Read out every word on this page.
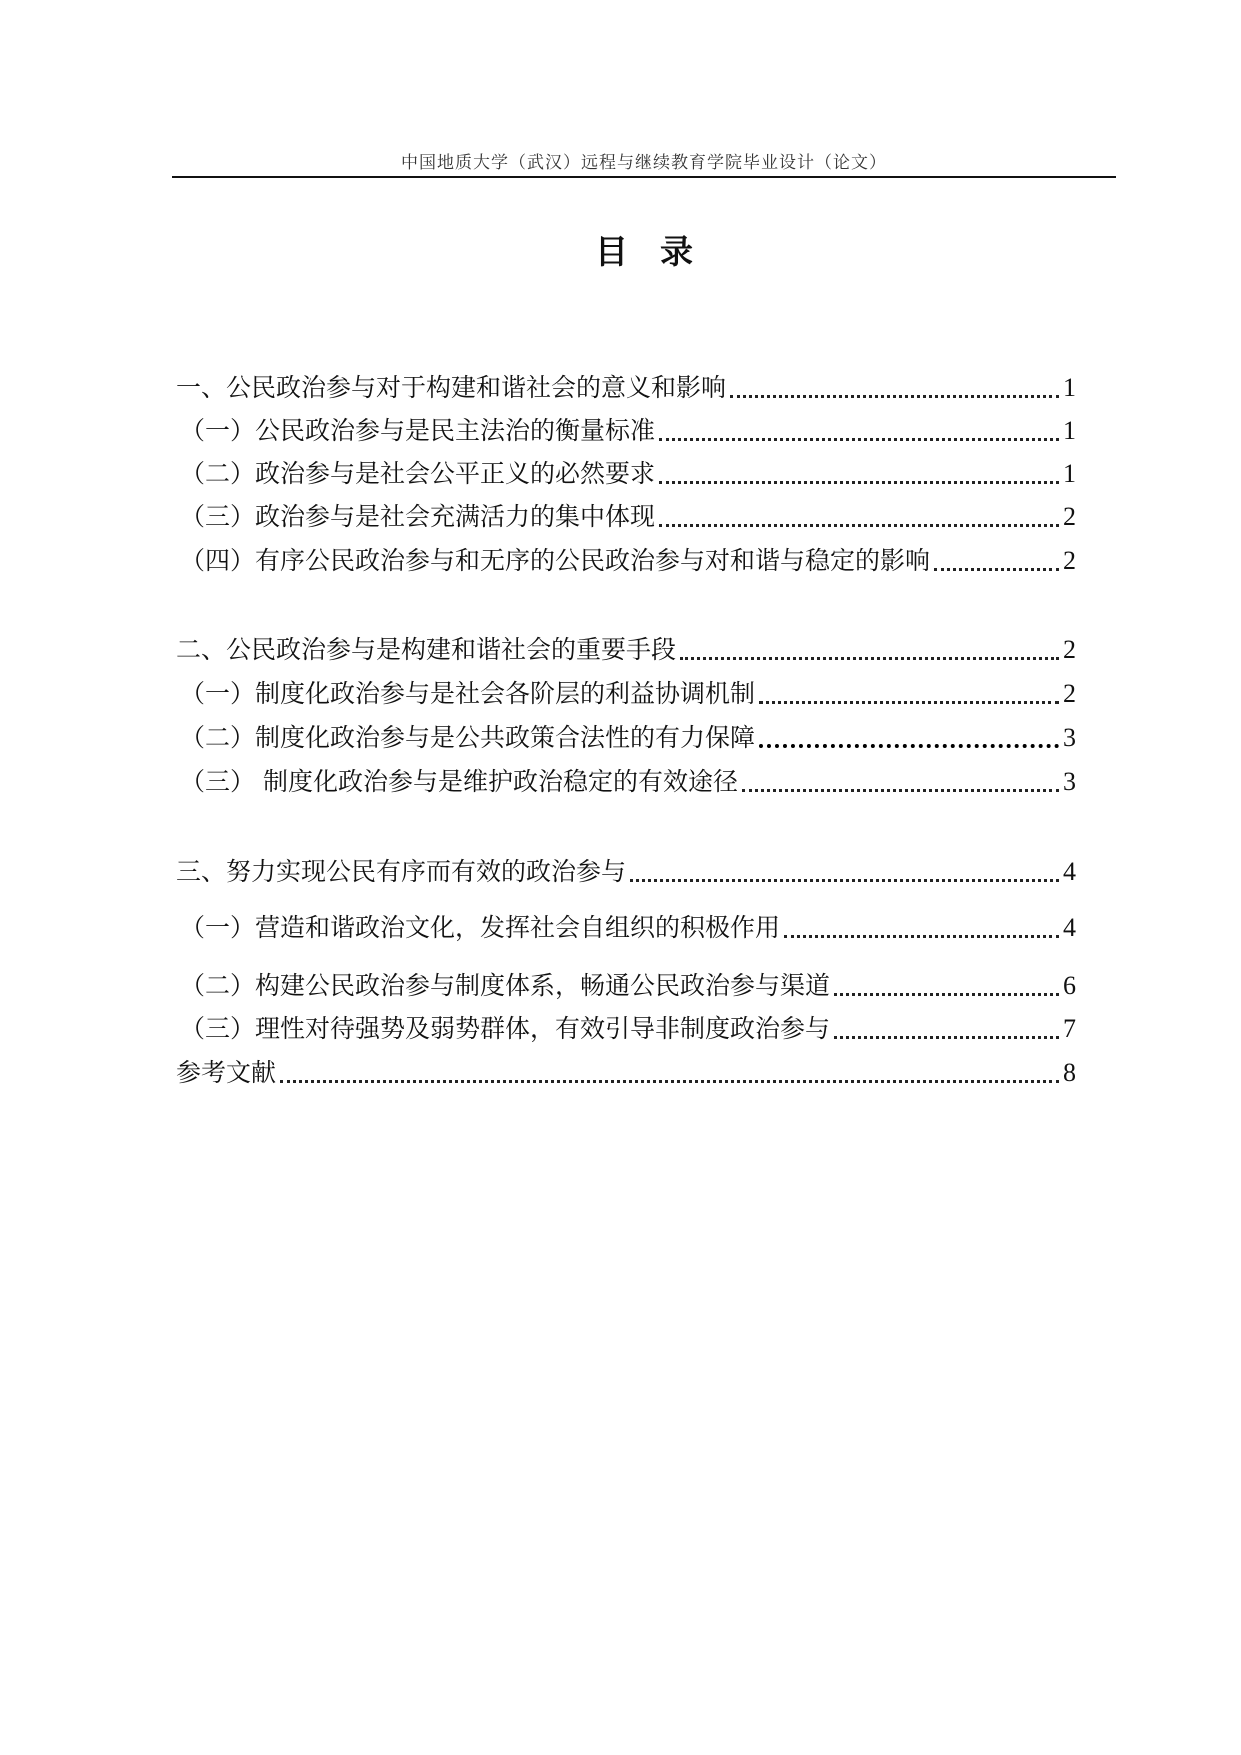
中国地质大学（武汉）远程与继续教育学院毕业设计（论文）
目录
一、公民政治参与对于构建和谐社会的意义和影响	1
（一）公民政治参与是民主法治的衡量标准	1
（二）政治参与是社会公平正义的必然要求	1
（三）政治参与是社会充满活力的集中体现	2
（四）有序公民政治参与和无序的公民政治参与对和谐与稳定的影响	2
二、公民政治参与是构建和谐社会的重要手段	2
（一）制度化政治参与是社会各阶层的利益协调机制	2
（二）制度化政治参与是公共政策合法性的有力保障	3
（三） 制度化政治参与是维护政治稳定的有效途径	3
三、努力实现公民有序而有效的政治参与	4
（一）营造和谐政治文化，发挥社会自组织的积极作用	4
（二）构建公民政治参与制度体系，畅通公民政治参与渠道	6
（三）理性对待强势及弱势群体，有效引导非制度政治参与	7
参考文献	8
